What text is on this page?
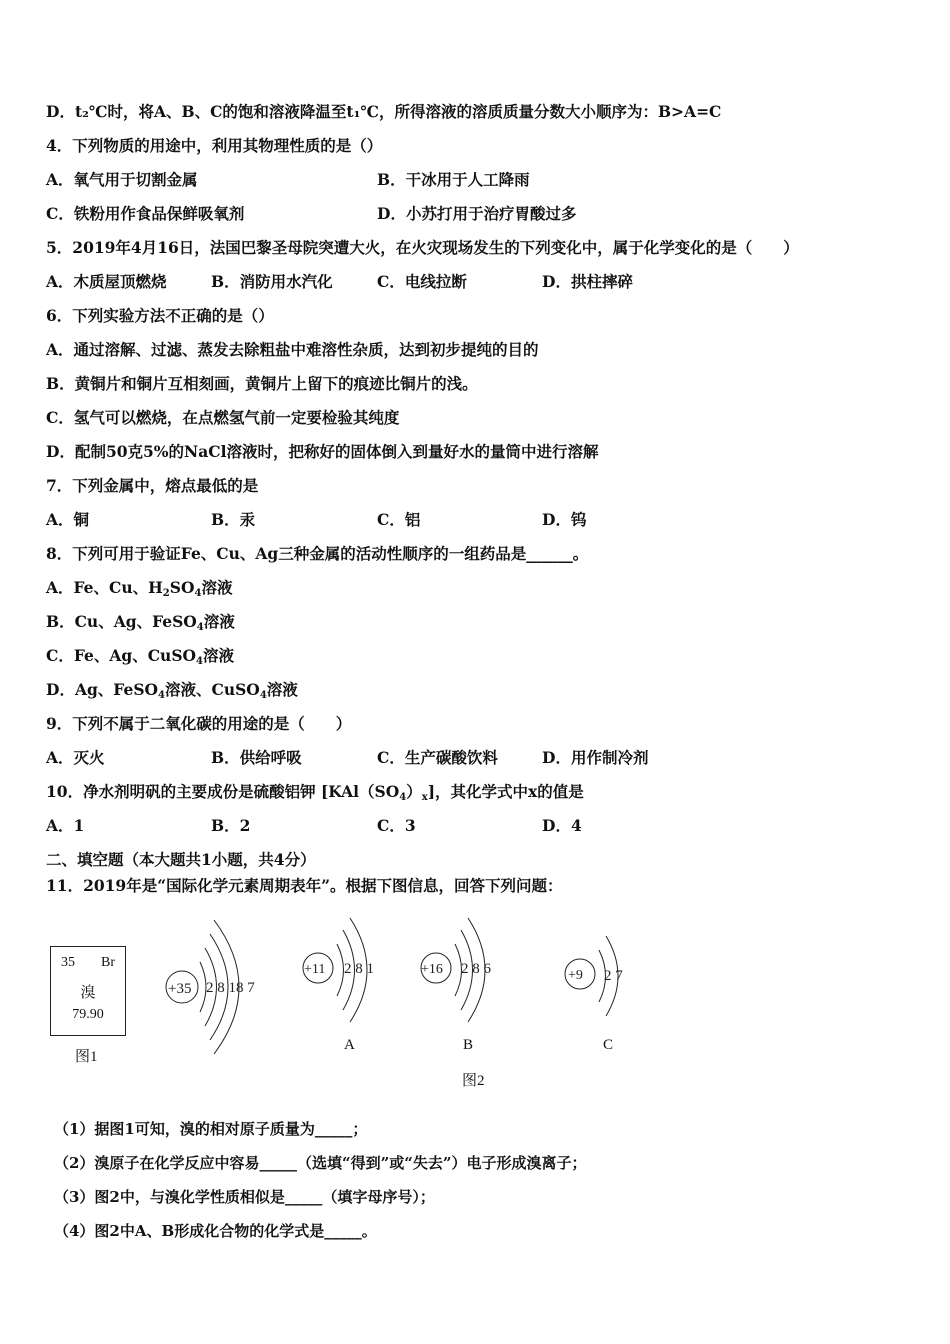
D．t₂℃时，将A、B、C的饱和溶液降温至t₁℃，所得溶液的溶质质量分数大小顺序为：B>A=C
4．下列物质的用途中，利用其物理性质的是（）
A．氧气用于切割金属	B．干冰用于人工降雨
C．铁粉用作食品保鲜吸氧剂	D．小苏打用于治疗胃酸过多
5．2019年4月16日，法国巴黎圣母院突遭大火，在火灾现场发生的下列变化中，属于化学变化的是（　　）
A．木质屋顶燃烧	B．消防用水汽化	C．电线拉断	D．拱柱摔碎
6．下列实验方法不正确的是（）
A．通过溶解、过滤、蒸发去除粗盐中难溶性杂质，达到初步提纯的目的
B．黄铜片和铜片互相刻画，黄铜片上留下的痕迹比铜片的浅。
C．氢气可以燃烧，在点燃氢气前一定要检验其纯度
D．配制50克5%的NaCl溶液时，把称好的固体倒入到量好水的量筒中进行溶解
7．下列金属中，熔点最低的是
A．铜	B．汞	C．铝	D．钨
8．下列可用于验证Fe、Cu、Ag三种金属的活动性顺序的一组药品是______。
A．Fe、Cu、$H_2SO_4$溶液
B．Cu、Ag、FeSO$_4$溶液
C．Fe、Ag、CuSO$_4$溶液
D．Ag、FeSO$_4$溶液、CuSO$_4$溶液
9．下列不属于二氧化碳的用途的是（　　）
A．灭火	B．供给呼吸	C．生产碳酸饮料	D．用作制冷剂
10．净水剂明矾的主要成份是硫酸铝钾 $[KAl(SO_4)_x]$，其化学式中x的值是
A．1	B．2	C．3	D．4
二、填空题（本大题共1小题，共4分）
11．2019年是“国际化学元素周期表年”。根据下图信息，回答下列问题：
35 Br
溴
79.90
图1
+35 2 8 18 7
+11 2 8 1	+16 2 8 6	+9 2 7
A	B	C
图2
（1）据图1可知，溴的相对原子质量为_____；
（2）溴原子在化学反应中容易_____（选填“得到”或“失去”）电子形成溴离子；
（3）图2中，与溴化学性质相似是_____（填字母序号）；
（4）图2中A、B形成化合物的化学式是_____。
